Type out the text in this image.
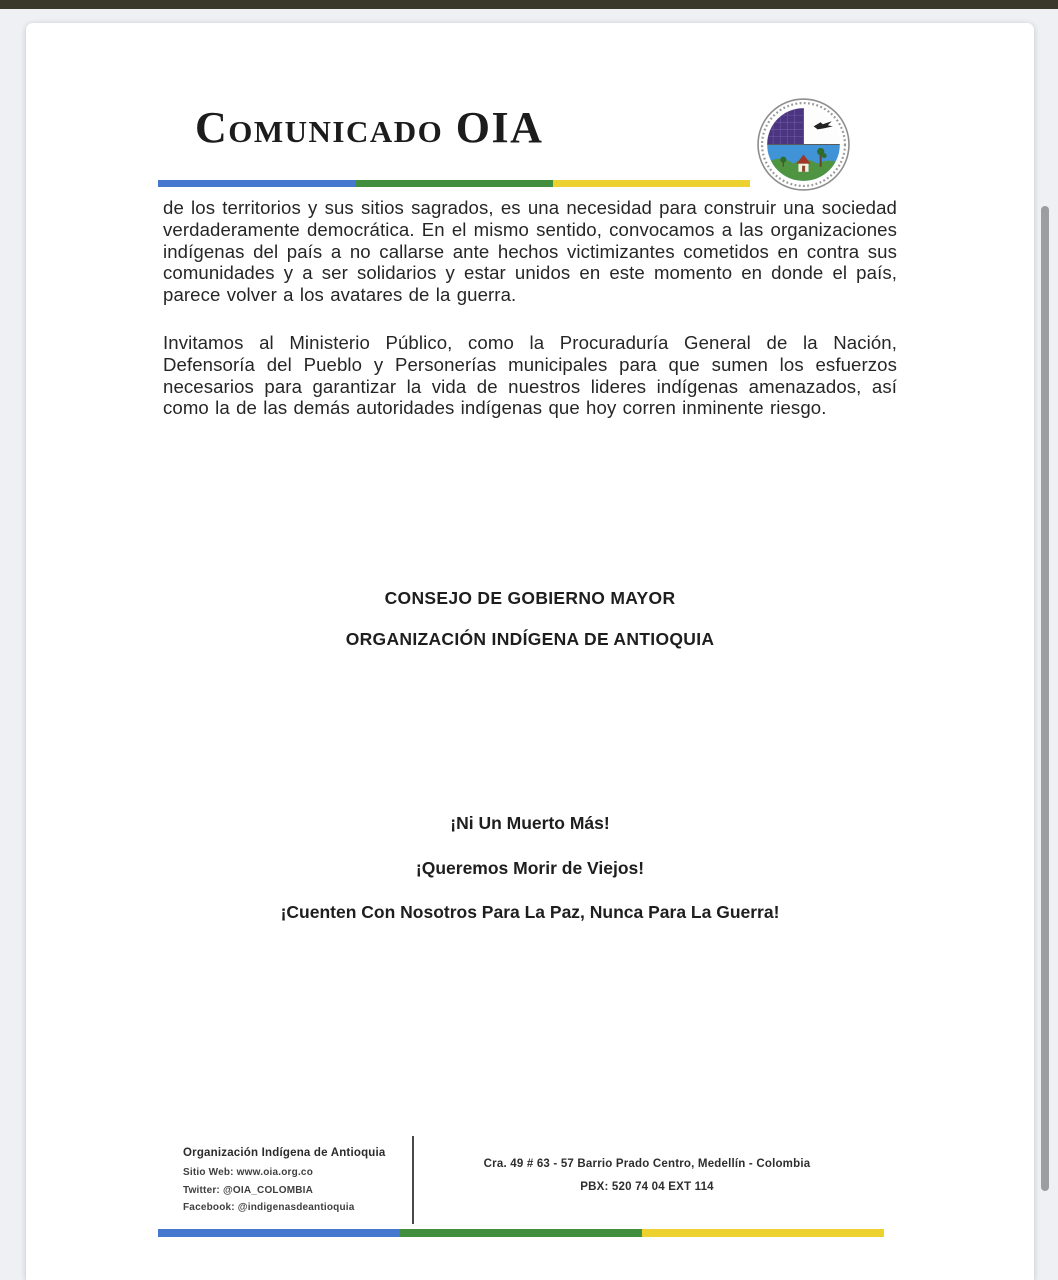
Comunicado OIA
de los territorios y sus sitios sagrados, es una necesidad para construir una sociedad verdaderamente democrática. En el mismo sentido, convocamos a las organizaciones indígenas del país a no callarse ante hechos victimizantes cometidos en contra sus comunidades y a ser solidarios y estar unidos en este momento en donde el país, parece volver a los avatares de la guerra.
Invitamos al Ministerio Público, como la Procuraduría General de la Nación, Defensoría del Pueblo y Personerías municipales para que sumen los esfuerzos necesarios para garantizar la vida de nuestros lideres indígenas amenazados, así como la de las demás autoridades indígenas que hoy corren inminente riesgo.
CONSEJO DE GOBIERNO MAYOR
ORGANIZACIÓN INDÍGENA DE ANTIOQUIA
¡Ni Un Muerto Más!
¡Queremos Morir de Viejos!
¡Cuenten Con Nosotros Para La Paz, Nunca Para La Guerra!
Organización Indígena de Antioquia
Sitio Web: www.oia.org.co
Twitter: @OIA_COLOMBIA
Facebook: @indigenasdeantioquia
Cra. 49 # 63 - 57 Barrio Prado Centro, Medellín - Colombia
PBX: 520 74 04 EXT 114
